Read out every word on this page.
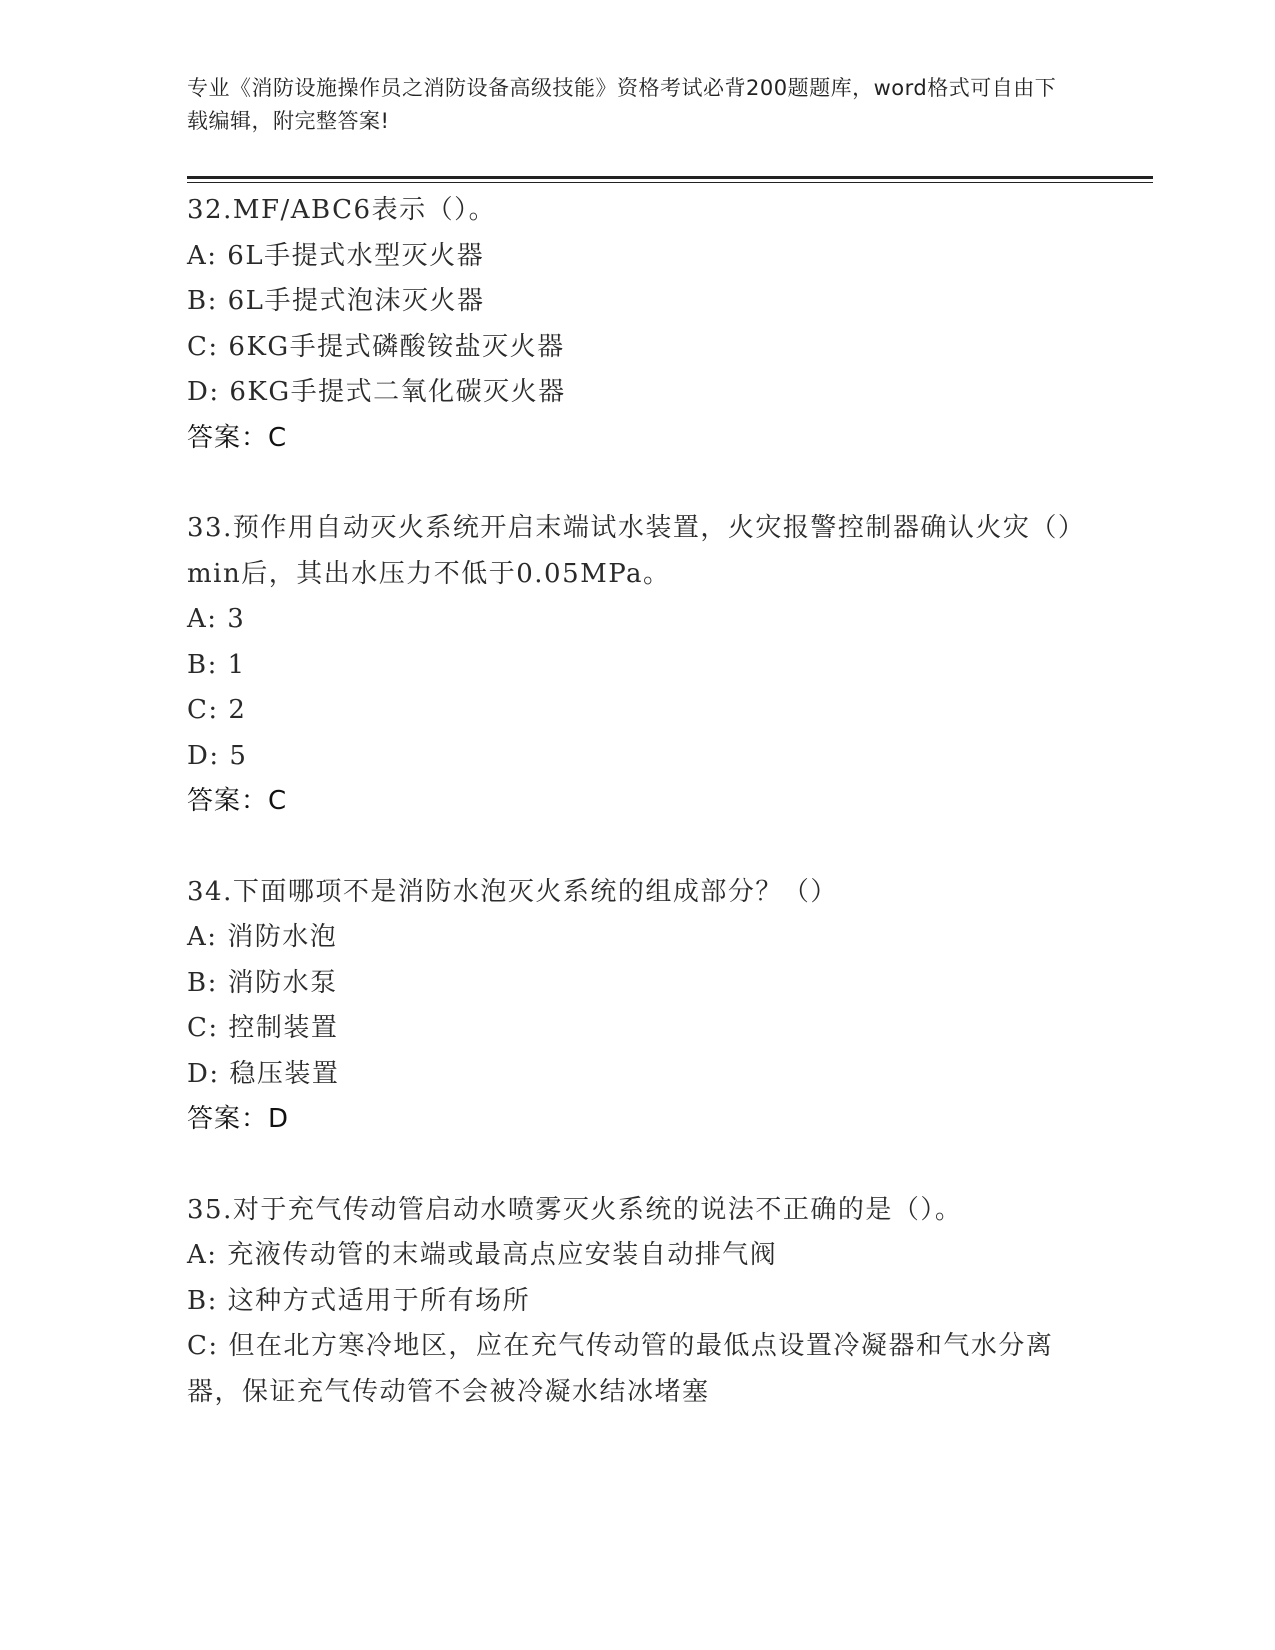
专业《消防设施操作员之消防设备高级技能》资格考试必背200题题库，word格式可自由下载编辑，附完整答案!
32.MF/ABC6表示（）。
A: 6L手提式水型灭火器
B: 6L手提式泡沫灭火器
C: 6KG手提式磷酸铵盐灭火器
D: 6KG手提式二氧化碳灭火器
答案：C
33.预作用自动灭火系统开启末端试水装置，火灾报警控制器确认火灾（）min后，其出水压力不低于0.05MPa。
A: 3
B: 1
C: 2
D: 5
答案：C
34.下面哪项不是消防水泡灭火系统的组成部分？（）
A: 消防水泡
B: 消防水泵
C: 控制装置
D: 稳压装置
答案：D
35.对于充气传动管启动水喷雾灭火系统的说法不正确的是（）。
A: 充液传动管的末端或最高点应安装自动排气阀
B: 这种方式适用于所有场所
C: 但在北方寒冷地区，应在充气传动管的最低点设置冷凝器和气水分离器，保证充气传动管不会被冷凝水结冰堵塞
